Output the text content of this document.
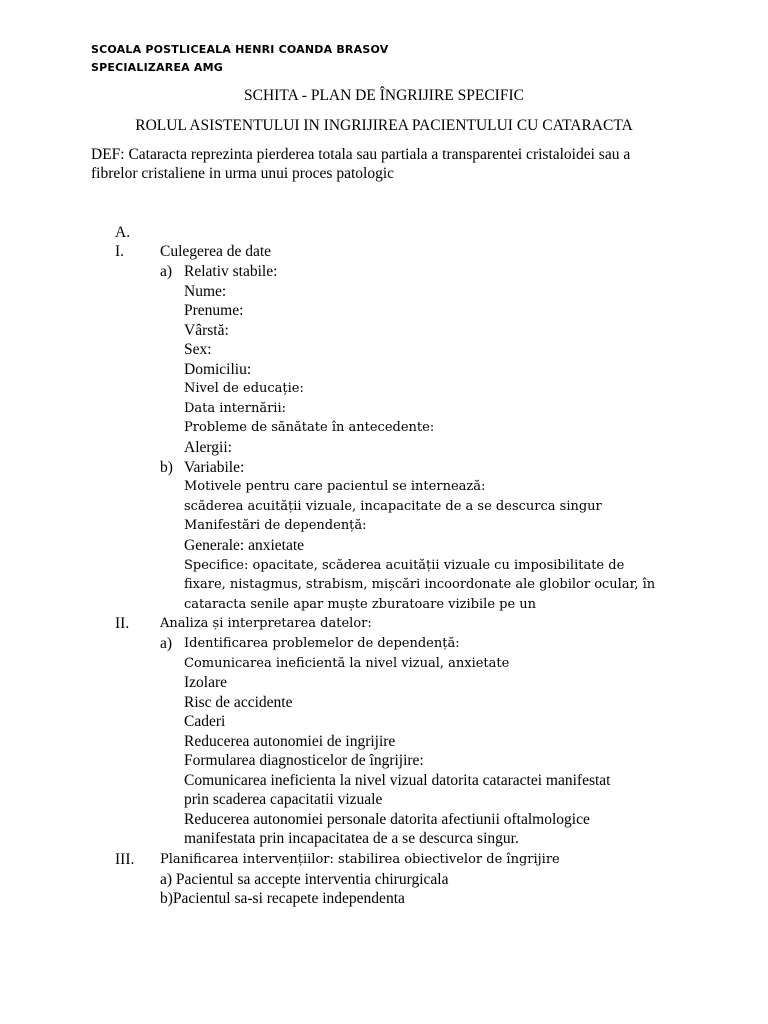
SCOALA POSTLICEALA HENRI COANDA BRASOV
SPECIALIZAREA AMG
SCHITA - PLAN DE ÎNGRIJIRE SPECIFIC
ROLUL ASISTENTULUI IN INGRIJIREA PACIENTULUI CU CATARACTA
DEF: Cataracta reprezinta pierderea totala sau partiala a transparentei cristaloidei sau a
fibrelor cristaliene in urma unui proces patologic
A.
I. Culegerea de date
a) Relativ stabile:
Nume:
Prenume:
Vârstă:
Sex:
Domiciliu:
Nivel de educație:
Data internării:
Probleme de sănătate în antecedente:
Alergii:
b) Variabile:
Motivele pentru care pacientul se internează:
scăderea acuității vizuale, incapacitate de a se descurca singur
Manifestări de dependență:
Generale: anxietate
Specifice: opacitate, scăderea acuității vizuale cu imposibilitate de
fixare, nistagmus, strabism, mișcări incoordonate ale globilor ocular, în
cataracta senile apar muște zburatoare vizibile pe un
II. Analiza și interpretarea datelor:
a) Identificarea problemelor de dependență:
Comunicarea ineficientă la nivel vizual, anxietate
Izolare
Risc de accidente
Caderi
Reducerea autonomiei de ingrijire
Formularea diagnosticelor de îngrijire:
Comunicarea ineficienta la nivel vizual datorita cataractei manifestat
prin scaderea capacitatii vizuale
Reducerea autonomiei personale datorita afectiunii oftalmologice
manifestata prin incapacitatea de a se descurca singur.
III. Planificarea intervențiilor: stabilirea obiectivelor de îngrijire
a) Pacientul sa accepte interventia chirurgicala
b)Pacientul sa-si recapete independenta
